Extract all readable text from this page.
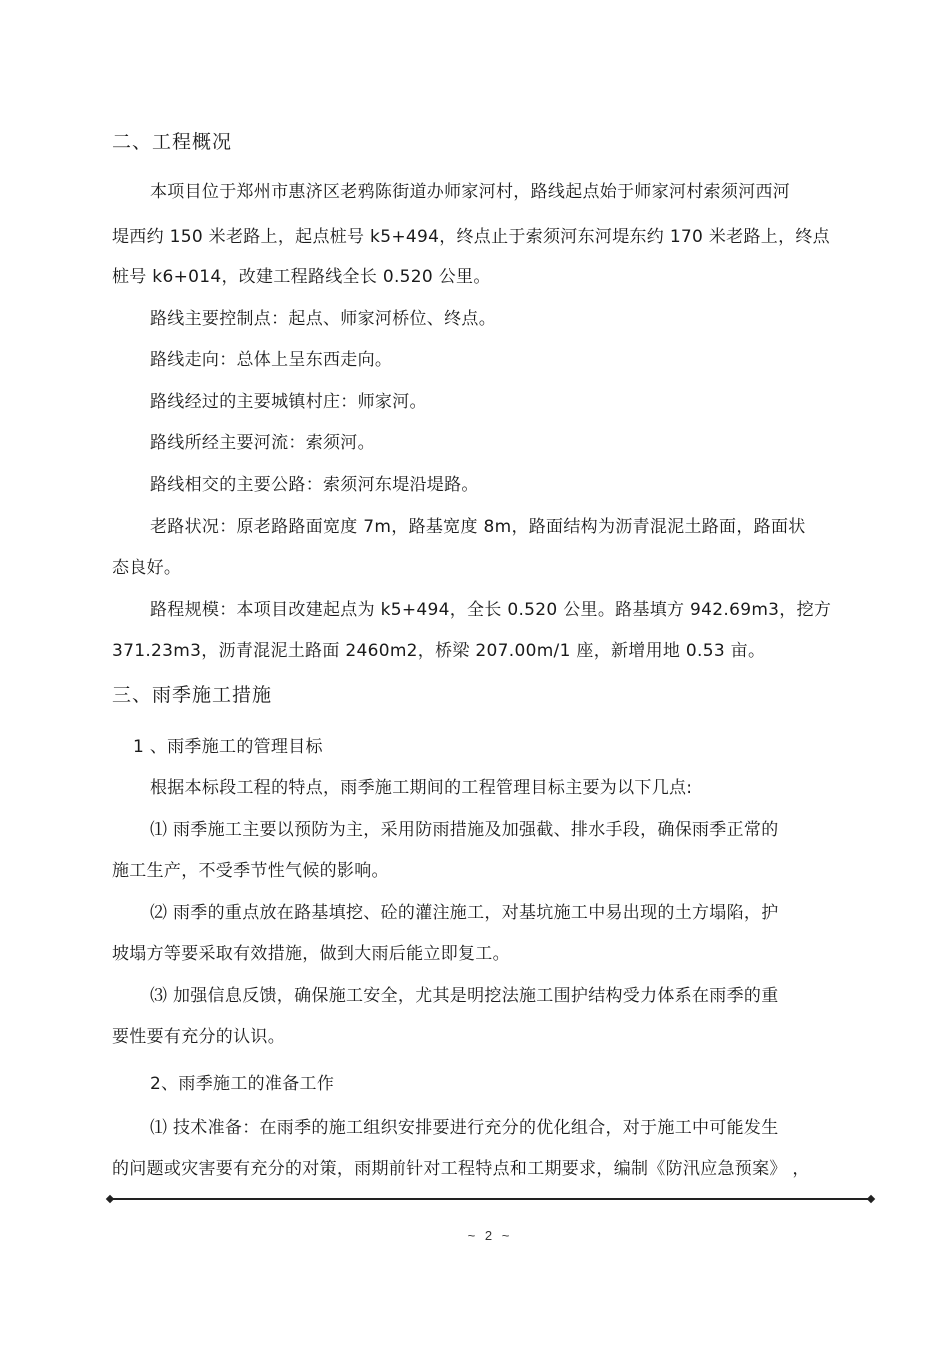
二、工程概况
本项目位于郑州市惠济区老鸦陈街道办师家河村，路线起点始于师家河村索须河西河
堤西约 150 米老路上，起点桩号 k5+494，终点止于索须河东河堤东约 170 米老路上，终点
桩号 k6+014，改建工程路线全长 0.520 公里。
路线主要控制点：起点、师家河桥位、终点。
路线走向：总体上呈东西走向。
路线经过的主要城镇村庄：师家河。
路线所经主要河流：索须河。
路线相交的主要公路：索须河东堤沿堤路。
老路状况：原老路路面宽度 7m，路基宽度 8m，路面结构为沥青混泥土路面，路面状
态良好。
路程规模：本项目改建起点为 k5+494，全长 0.520 公里。路基填方 942.69m3，挖方
371.23m3，沥青混泥土路面 2460m2，桥梁 207.00m/1 座，新增用地 0.53 亩。
三、雨季施工措施
1 、雨季施工的管理目标
根据本标段工程的特点，雨季施工期间的工程管理目标主要为以下几点:
⑴ 雨季施工主要以预防为主，采用防雨措施及加强截、排水手段，确保雨季正常的
施工生产，不受季节性气候的影响。
⑵ 雨季的重点放在路基填挖、砼的灌注施工，对基坑施工中易出现的土方塌陷，护
坡塌方等要采取有效措施，做到大雨后能立即复工。
⑶ 加强信息反馈，确保施工安全，尤其是明挖法施工围护结构受力体系在雨季的重
要性要有充分的认识。
2、雨季施工的准备工作
⑴ 技术准备：在雨季的施工组织安排要进行充分的优化组合，对于施工中可能发生
的问题或灾害要有充分的对策，雨期前针对工程特点和工期要求，编制《防汛应急预案》 ，
~ 2 ~
